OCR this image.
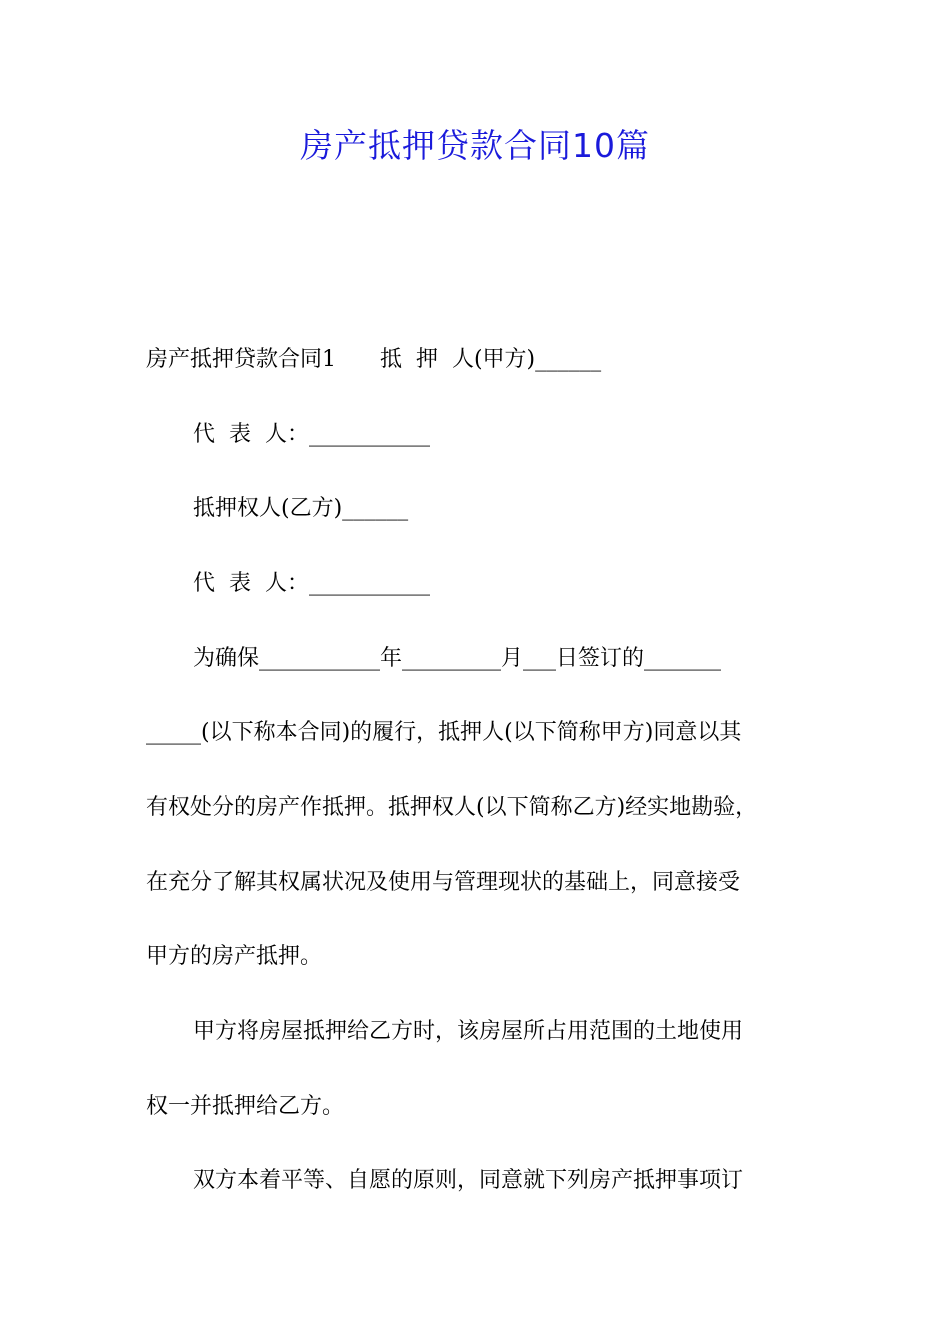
房产抵押贷款合同10篇
房产抵押贷款合同1　　抵  押  人(甲方)______
代  表  人：___________
抵押权人(乙方)______
代  表  人：___________
为确保___________年_________月___日签订的_______
_____(以下称本合同)的履行，抵押人(以下简称甲方)同意以其
有权处分的房产作抵押。抵押权人(以下简称乙方)经实地勘验，
在充分了解其权属状况及使用与管理现状的基础上，同意接受
甲方的房产抵押。
甲方将房屋抵押给乙方时，该房屋所占用范围的土地使用
权一并抵押给乙方。
双方本着平等、自愿的原则，同意就下列房产抵押事项订
